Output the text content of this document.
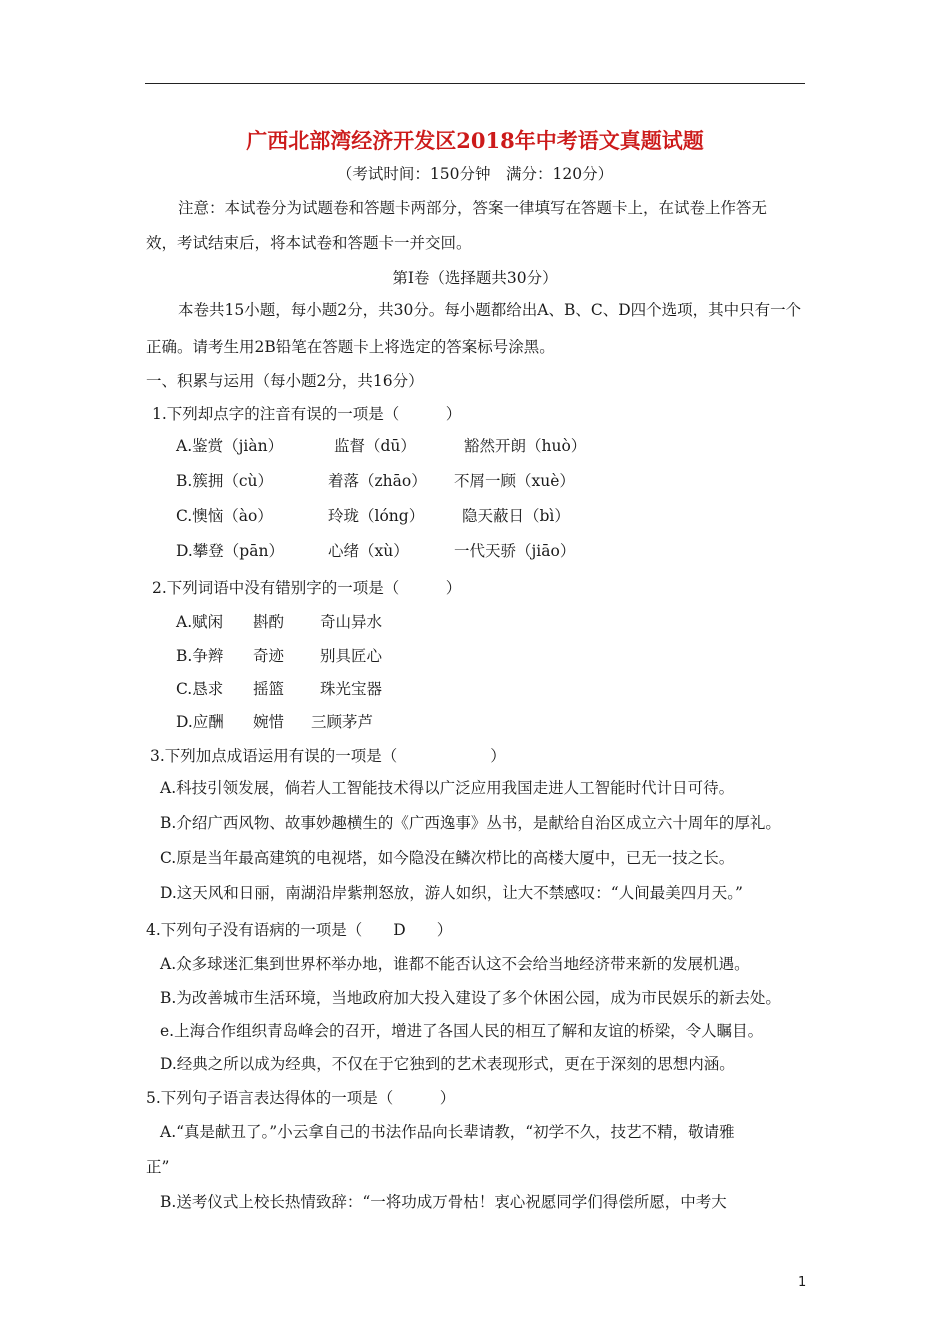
广西北部湾经济开发区2018年中考语文真题试题
（考试时间：150分钟　满分：120分）
注意：本试卷分为试题卷和答题卡两部分，答案一律填写在答题卡上，在试卷上作答无
效，考试结束后，将本试卷和答题卡一并交回。
第Ⅰ卷（选择题共30分）
本卷共15小题，每小题2分，共30分。每小题都给出A、B、C、D四个选项，其中只有一个
正确。请考生用2B铅笔在答题卡上将选定的答案标号涂黑。
一、积累与运用（每小题2分，共16分）
1.下列却点字的注音有误的一项是（　　　）
A.鉴赏（jiàn）	监督（dū）	豁然开朗（huò）
B.簇拥（cù）	着落（zhāo） 不屑一顾（xuè）
C.懊恼（ào）	玲珑（lóng） 隐天蔽日（bì）
D.攀登（pān）	心绪（xù）	一代天骄（jiāo）
2.下列词语中没有错别字的一项是（　　　）
A.赋闲 斟酌 奇山异水
B.争辫 奇迹 别具匠心
C.恳求 摇篮 珠光宝器
D.应酬 婉惜 三顾茅芦
3.下列加点成语运用有误的一项是（　　　　　　）
A.科技引领发展，倘若人工智能技术得以广泛应用我国走进人工智能时代计日可待。
B.介绍广西风物、故事妙趣横生的《广西逸事》丛书，是献给自治区成立六十周年的厚礼。
C.原是当年最高建筑的电视塔，如今隐没在鳞次栉比的高楼大厦中，已无一技之长。
D.这天风和日丽，南湖沿岸紫荆怒放，游人如织，让大不禁感叹：“人间最美四月天。”
4.下列句子没有语病的一项是（　　D　　）
A.众多球迷汇集到世界杯举办地，谁都不能否认这不会给当地经济带来新的发展机遇。
B.为改善城市生活环境，当地政府加大投入建设了多个休困公园，成为市民娱乐的新去处。
e.上海合作组织青岛峰会的召开，增进了各国人民的相互了解和友谊的桥梁，令人瞩目。
D.经典之所以成为经典，不仅在于它独到的艺术表现形式，更在于深刻的思想内涵。
5.下列句子语言表达得体的一项是（　　　）
A.“真是献丑了。”小云拿自己的书法作品向长辈请教，“初学不久，技艺不精，敬请雅
正”
B.送考仪式上校长热情致辞：“一将功成万骨枯！衷心祝愿同学们得偿所愿，中考大
1
